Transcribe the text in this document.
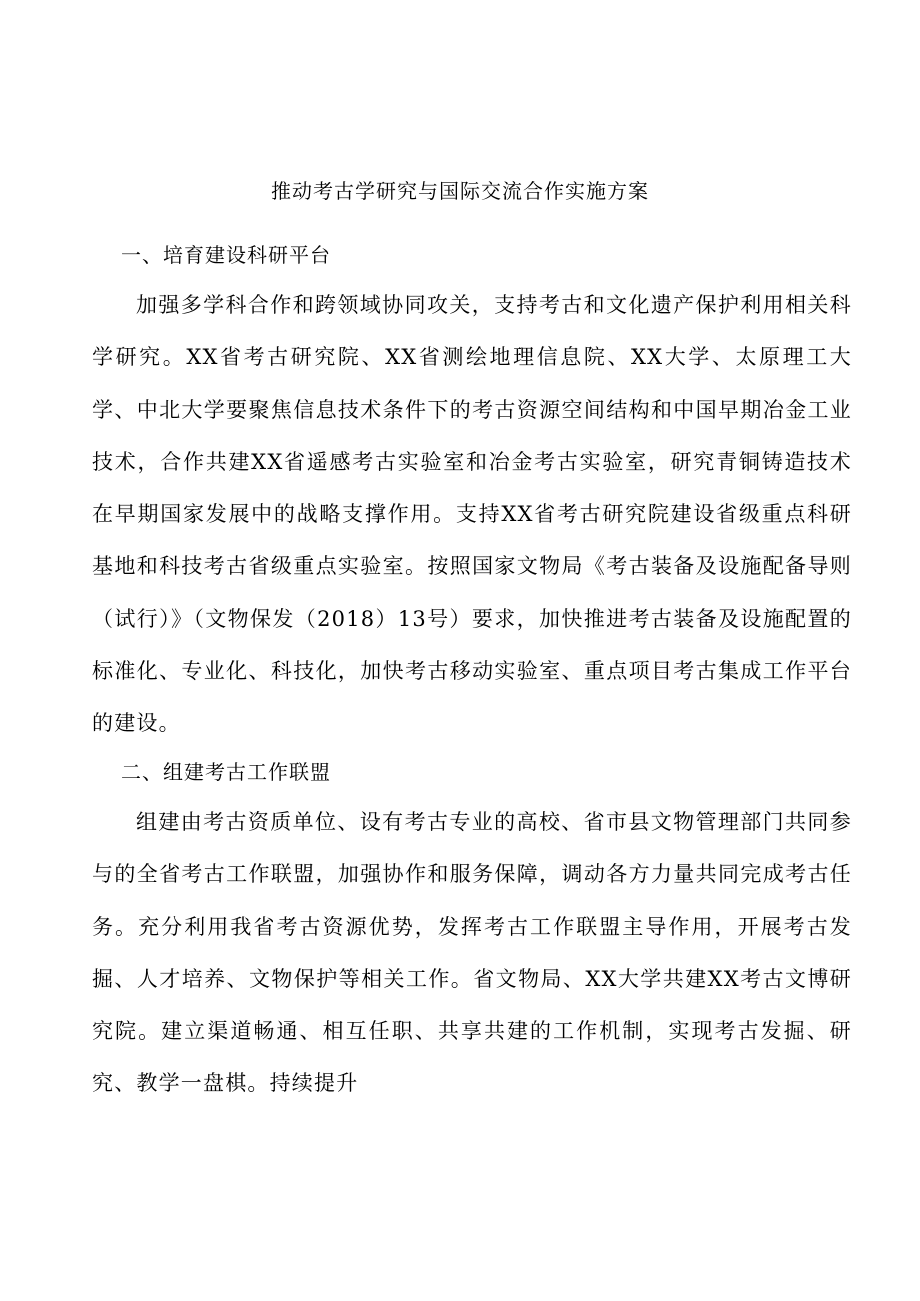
推动考古学研究与国际交流合作实施方案
一、培育建设科研平台

加强多学科合作和跨领域协同攻关，支持考古和文化遗产保护利用相关科学研究。XX省考古研究院、XX省测绘地理信息院、XX大学、太原理工大学、中北大学要聚焦信息技术条件下的考古资源空间结构和中国早期冶金工业技术，合作共建XX省遥感考古实验室和冶金考古实验室，研究青铜铸造技术在早期国家发展中的战略支撑作用。支持XX省考古研究院建设省级重点科研基地和科技考古省级重点实验室。按照国家文物局《考古装备及设施配备导则（试行）》（文物保发（2018）13号）要求，加快推进考古装备及设施配置的标准化、专业化、科技化，加快考古移动实验室、重点项目考古集成工作平台的建设。

二、组建考古工作联盟

组建由考古资质单位、设有考古专业的高校、省市县文物管理部门共同参与的全省考古工作联盟，加强协作和服务保障，调动各方力量共同完成考古任务。充分利用我省考古资源优势，发挥考古工作联盟主导作用，开展考古发掘、人才培养、文物保护等相关工作。省文物局、XX大学共建XX考古文博研究院。建立渠道畅通、相互任职、共享共建的工作机制，实现考古发掘、研究、教学一盘棋。持续提升
